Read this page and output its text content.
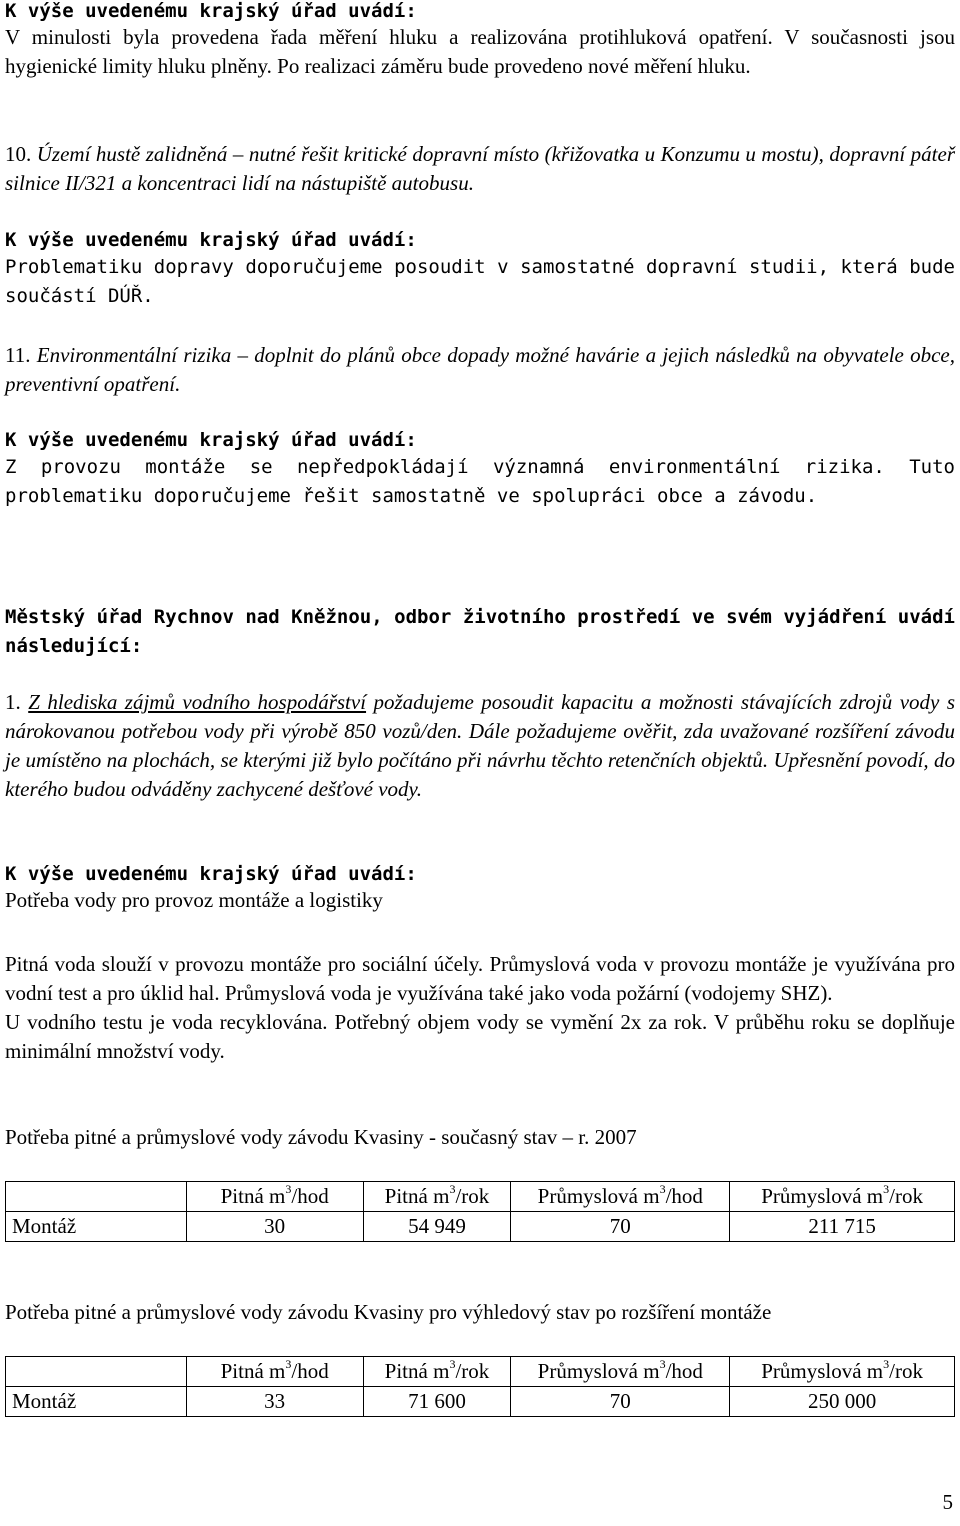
K výše uvedenému krajský úřad uvádí:

V minulosti byla provedena řada měření hluku a realizována protihluková opatření. V současnosti jsou hygienické limity hluku plněny. Po realizaci záměru bude provedeno nové měření hluku.

10. Území hustě zalidněná – nutné řešit kritické dopravní místo (křižovatka u Konzumu u mostu), dopravní páteř silnice II/321 a koncentraci lidí na nástupiště autobusu.

K výše uvedenému krajský úřad uvádí:

Problematiku dopravy doporučujeme posoudit v samostatné dopravní studii, která bude součástí DÚŘ.

11. Environmentální rizika – doplnit do plánů obce dopady možné havárie a jejich následků na obyvatele obce, preventivní opatření.

K výše uvedenému krajský úřad uvádí:

Z provozu montáže se nepředpokládají významná environmentální rizika. Tuto problematiku doporučujeme řešit samostatně ve spolupráci obce a závodu.

Městský úřad Rychnov nad Kněžnou, odbor životního prostředí ve svém vyjádření uvádí následující:

1. Z hlediska zájmů vodního hospodářství požadujeme posoudit kapacitu a možnosti stávajících zdrojů vody s nárokovanou potřebou vody při výrobě 850 vozů/den. Dále požadujeme ověřit, zda uvažované rozšíření závodu je umístěno na plochách, se kterými již bylo počítáno při návrhu těchto retenčních objektů. Upřesnění povodí, do kterého budou odváděny zachycené dešťové vody.

K výše uvedenému krajský úřad uvádí:

Potřeba vody pro provoz montáže a logistiky

Pitná voda slouží v provozu montáže pro sociální účely. Průmyslová voda v provozu montáže je využívána pro vodní test a pro úklid hal. Průmyslová voda je využívána také jako voda požární (vodojemy SHZ).

U vodního testu je voda recyklována. Potřebný objem vody se vymění 2x za rok. V průběhu roku se doplňuje minimální množství vody.

Potřeba pitné a průmyslové vody závodu Kvasiny - současný stav – r. 2007

	Pitná $m^3$/hod	Pitná $m^3$/rok	Průmyslová $m^3$/hod	Průmyslová $m^3$/rok
Montáž	30	54 949	70	211 715

Potřeba pitné a průmyslové vody závodu Kvasiny pro výhledový stav po rozšíření montáže

	Pitná $m^3$/hod	Pitná $m^3$/rok	Průmyslová $m^3$/hod	Průmyslová $m^3$/rok
Montáž	33	71 600	70	250 000
5
